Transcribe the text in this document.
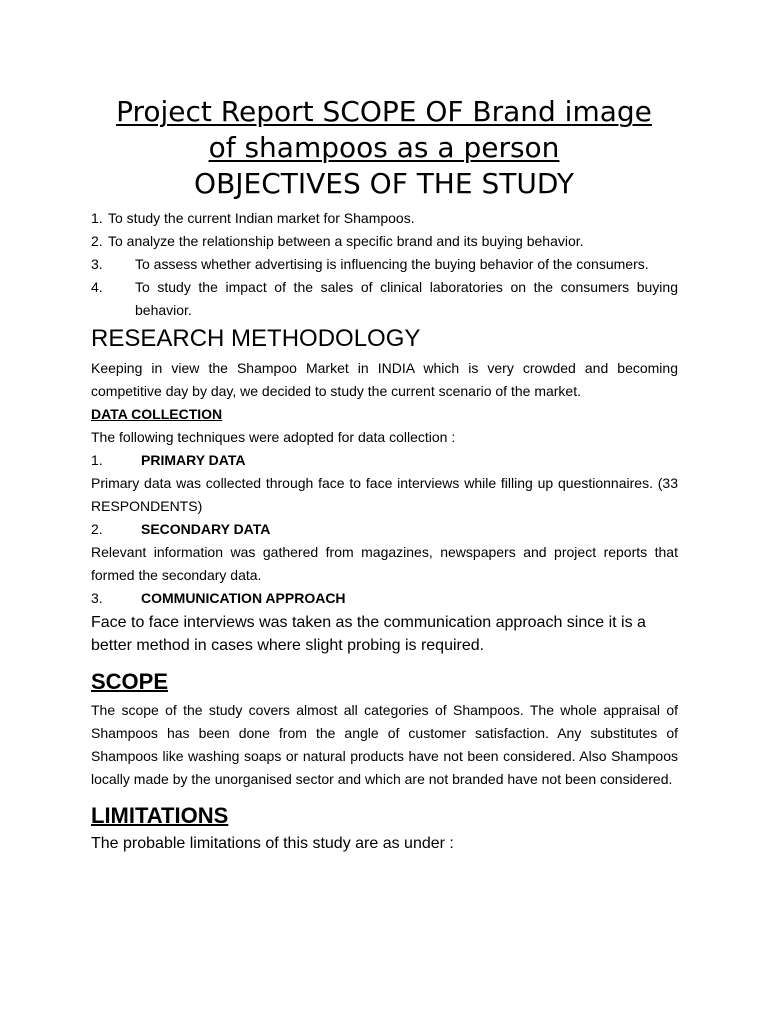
Project Report SCOPE OF Brand image
of shampoos as a person
OBJECTIVES OF THE STUDY
1. To study the current Indian market for Shampoos.
2. To analyze the relationship between a specific brand and its buying behavior.
3.	To assess whether advertising is influencing the buying behavior of the consumers.
4.	To study the impact of the sales of clinical laboratories on the consumers buying behavior.
RESEARCH METHODOLOGY
Keeping in view the Shampoo Market in INDIA which is very crowded and becoming competitive day by day, we decided to study the current scenario of the market.
DATA COLLECTION
The following techniques were adopted for data collection :
1.	PRIMARY DATA
Primary data was collected through face to face interviews while filling up questionnaires. (33 RESPONDENTS)
2.	SECONDARY DATA
Relevant information was gathered from magazines, newspapers and project reports that formed the secondary data.
3.	COMMUNICATION APPROACH
Face to face interviews was taken as the communication approach since it is a better method in cases where slight probing is required.
SCOPE
The scope of the study covers almost all categories of Shampoos. The whole appraisal of Shampoos has been done from the angle of customer satisfaction. Any substitutes of Shampoos like washing soaps or natural products have not been considered. Also Shampoos locally made by the unorganised sector and which are not branded have not been considered.
LIMITATIONS
The probable limitations of this study are as under :
